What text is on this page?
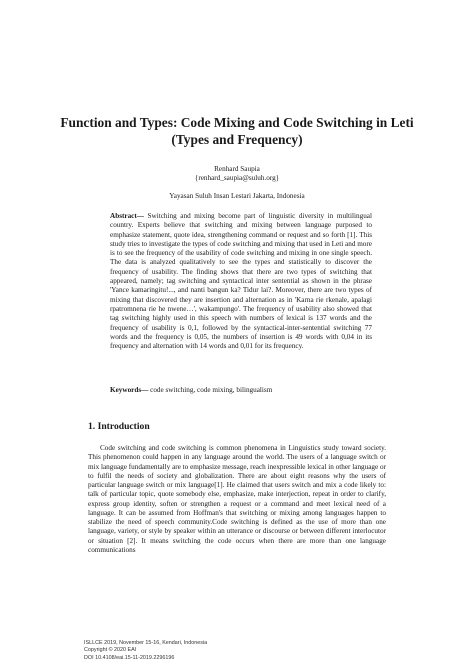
Function and Types: Code Mixing and Code Switching in Leti (Types and Frequency)
Renhard Saupia
{renhard_saupia@suluh.org}
Yayasan Suluh Insan Lestari Jakarta, Indonesia
Abstract— Switching and mixing become part of linguistic diversity in multilingual country. Experts believe that switching and mixing between language purposed to emphasize statement, quote idea, strengthening command or request and so forth [1]. This study tries to investigate the types of code switching and mixing that used in Leti and more is to see the frequency of the usability of code switching and mixing in one single speech. The data is analyzed qualitatively to see the types and statistically to discover the frequency of usability. The finding shows that there are two types of switching that appeared, namely; tag switching and syntactical inter sentential as shown in the phrase 'Yance kamaringitu!..., and nanti bangun ka? Tidur lai?. Moreover, there are two types of mixing that discovered they are insertion and alternation as in 'Karna rie rkenale, apalagi rpatromnena rie he nwene…', wakampungo'. The frequency of usability also showed that tag switching highly used in this speech with numbers of lexical is 137 words and the frequency of usability is 0,1, followed by the syntactical-inter-sentential switching 77 words and the frequency is 0,05, the numbers of insertion is 49 words with 0,04 in its frequency and alternation with 14 words and 0,01 for its frequency.
Keywords— code switching, code mixing, bilingualism
1. Introduction
Code switching and code switching is common phenomena in Linguistics study toward society. This phenomenon could happen in any language around the world. The users of a language switch or mix language fundamentally are to emphasize message, reach inexpressible lexical in other language or to fulfil the needs of society and globalization. There are about eight reasons why the users of particular language switch or mix language[1]. He claimed that users switch and mix a code likely to: talk of particular topic, quote somebody else, emphasize, make interjection, repeat in order to clarify, express group identity, soften or strengthen a request or a command and meet lexical need of a language. It can be assumed from Hoffman's that switching or mixing among languages happen to stabilize the need of speech community.Code switching is defined as the use of more than one language, variety, or style by speaker within an utterance or discourse or between different interlocutor or situation [2]. It means switching the code occurs when there are more than one language communications
ISLLCE 2019, November 15-16, Kendari, Indonesia
Copyright © 2020 EAI
DOI 10.4108/eai.15-11-2019.2296196
